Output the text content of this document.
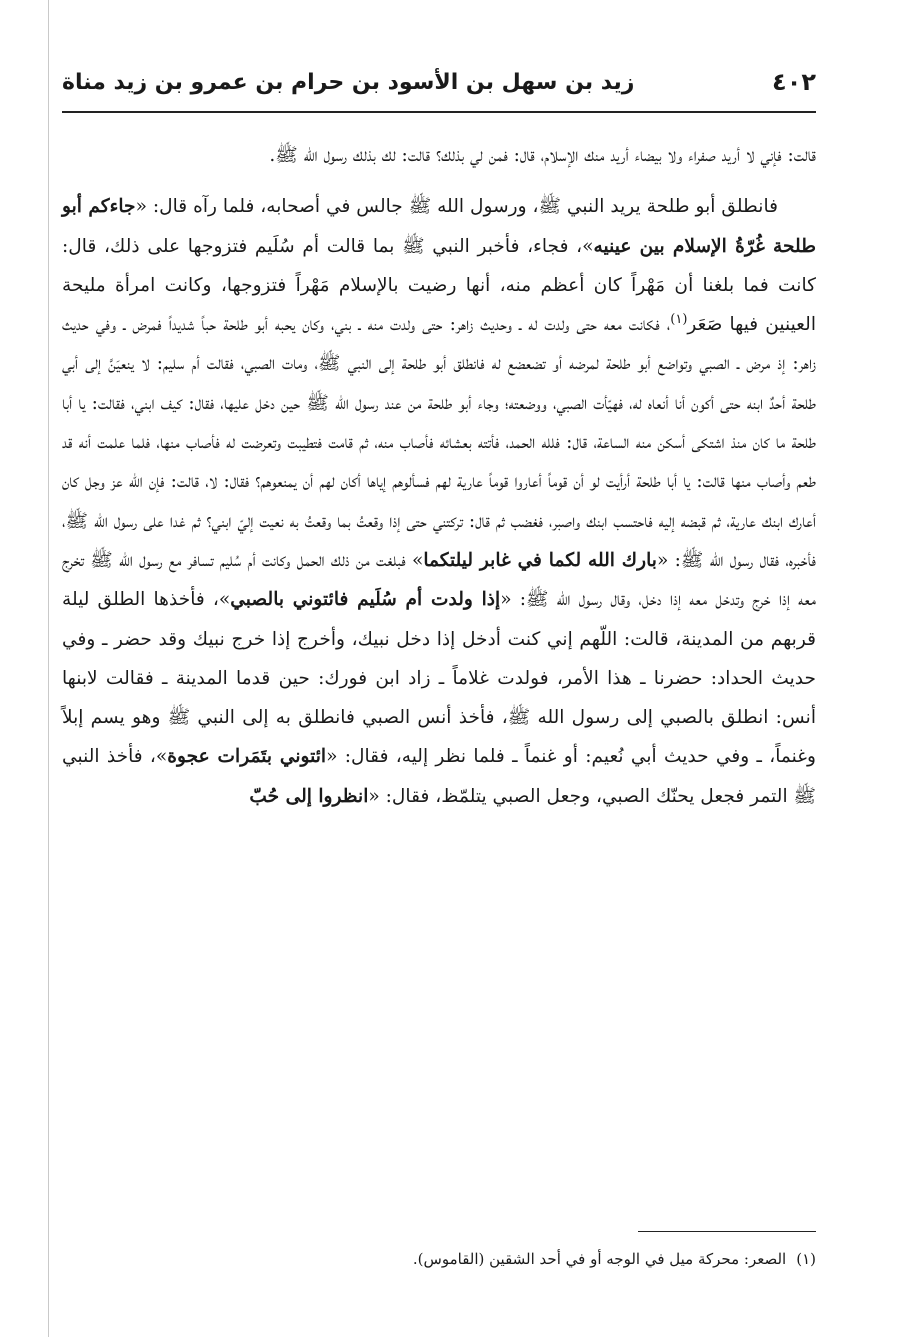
٤٠٢
زيد بن سهل بن الأسود بن حرام بن عمرو بن زيد مناة

قالت: فإني لا أريد صفراء ولا بيضاء أريد منك الإسلام، قال: فمن لي بذلك؟ قالت: لك بذلك رسول الله ﷺ.

فانطلق أبو طلحة يريد النبي ﷺ، ورسول الله ﷺ جالس في أصحابه، فلما رآه قال: «جاءكم أبو طلحة غُرّةُ الإسلام بين عينيه»، فجاء، فأخبر النبي ﷺ بما قالت أم سُلَيم فتزوجها على ذلك، قال: كانت فما بلغنا أن مَهْراً كان أعظم منه، أنها رضيت بالإسلام مَهْراً فتزوجها، وكانت امرأة مليحة العينين فيها صَعَر$^{(١)}$، فكانت معه حتى ولدت له ـ وحديث زاهر: حتى ولدت منه ـ بني، وكان يحبه أبو طلحة حباً شديداً فمرض ـ وفي حديث زاهر: إذ مرض ـ الصبي وتواضع أبو طلحة لمرضه أو تضعضع له فانطلق أبو طلحة إلى النبي ﷺ، ومات الصبي، فقالت أم سليم: لا ينعيَنَّ إلى أبي طلحة أحدٌ ابنه حتى أكون أنا أنعاه له، فهيّأت الصبي، ووضعته؛ وجاء أبو طلحة من عند رسول الله ﷺ حين دخل عليها، فقال: كيف ابني، فقالت: يا أبا طلحة ما كان منذ اشتكى أسكن منه الساعة، قال: فلله الحمد، فأتته بعشائه فأصاب منه، ثم قامت فتطيبت وتعرضت له فأصاب منها، فلما علمت أنه قد طعم وأصاب منها قالت: يا أبا طلحة أرأيت لو أن قوماً أعاروا قوماً عارية لهم فسألوهم إياها أكان لهم أن يمنعوهم؟ فقال: لا، قالت: فإن الله عز وجل كان أعارك ابنك عارية، ثم قبضه إليه فاحتسب ابنك واصبر، فغضب ثم قال: تركتني حتى إذا وقعتُ بما وقعتُ به نعيت إليّ ابني؟ ثم غدا على رسول الله ﷺ، فأخبره، فقال رسول الله ﷺ: «بارك الله لكما في غابر ليلتكما» فبلغت من ذلك الحمل وكانت أم سُليم تسافر مع رسول الله ﷺ تخرج معه إذا خرج وتدخل معه إذا دخل، وقال رسول الله ﷺ: «إذا ولدت أم سُلَيم فائتوني بالصبي»، فأخذها الطلق ليلة قربهم من المدينة، قالت: اللّهم إني كنت أدخل إذا دخل نبيك، وأخرج إذا خرج نبيك وقد حضر ـ وفي حديث الحداد: حضرنا ـ هذا الأمر، فولدت غلاماً ـ زاد ابن فورك: حين قدما المدينة ـ فقالت لابنها أنس: انطلق بالصبي إلى رسول الله ﷺ، فأخذ أنس الصبي فانطلق به إلى النبي ﷺ وهو يسم إبلاً وغنماً، ـ وفي حديث أبي نُعيم: أو غنماً ـ فلما نظر إليه، فقال: «ائتوني بتَمَرات عجوة»، فأخذ النبي ﷺ التمر فجعل يحنّك الصبي، وجعل الصبي يتلمّظ، فقال: «انظروا إلى حُبّ

(١)الصعر: محركة ميل في الوجه أو في أحد الشقين (القاموس).
